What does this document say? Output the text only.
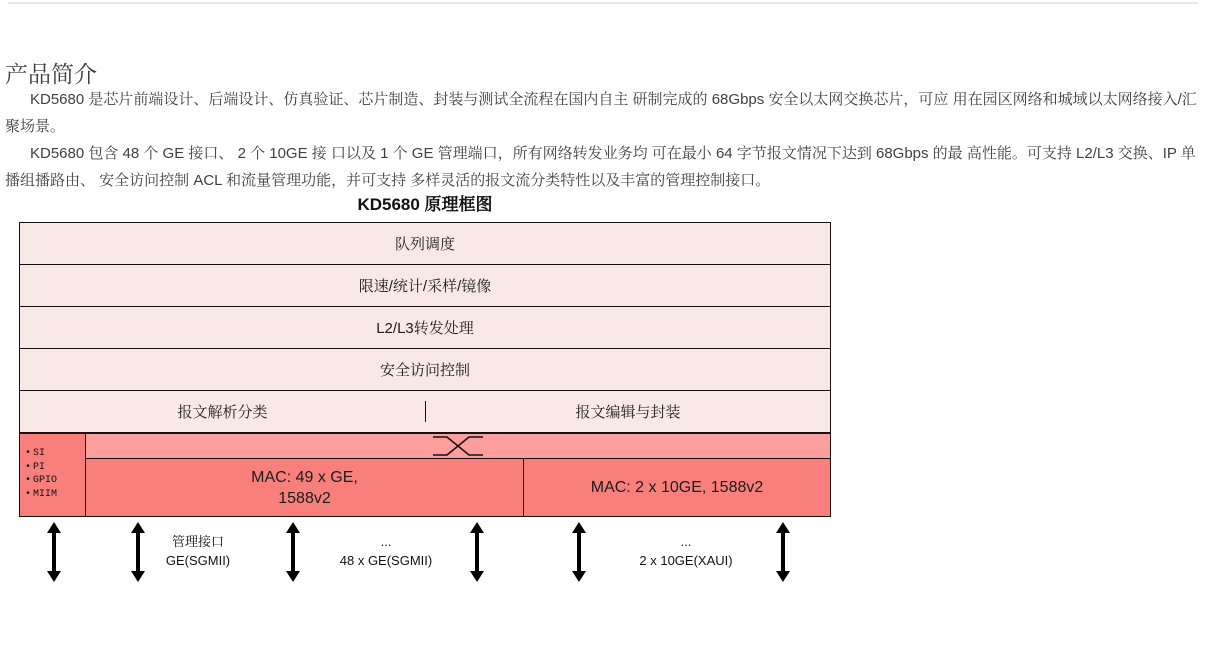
产品简介

KD5680 是芯片前端设计、后端设计、仿真验证、芯片制造、封装与测试全流程在国内自主 研制完成的 68Gbps 安全以太网交换芯片，可应 用在园区网络和城域以太网络接入/汇聚场景。

KD5680 包含 48 个 GE 接口、 2 个 10GE 接 口以及 1 个 GE 管理端口，所有网络转发业务均 可在最小 64 字节报文情况下达到 68Gbps 的最 高性能。可支持 L2/L3 交换、IP 单播组播路由、 安全访问控制 ACL 和流量管理功能，并可支持 多样灵活的报文流分类特性以及丰富的管理控制接口。

KD5680 原理框图
队列调度
限速/统计/采样/镜像
L2/L3转发处理
安全访问控制
报文解析分类	报文编辑与封装
• SI
• PI
• GPIO
• MIIM
MAC: 49 x GE,
1588v2
MAC: 2 x 10GE, 1588v2
管理接口
GE(SGMII)
...
48 x GE(SGMII)
...
2 x 10GE(XAUI)
